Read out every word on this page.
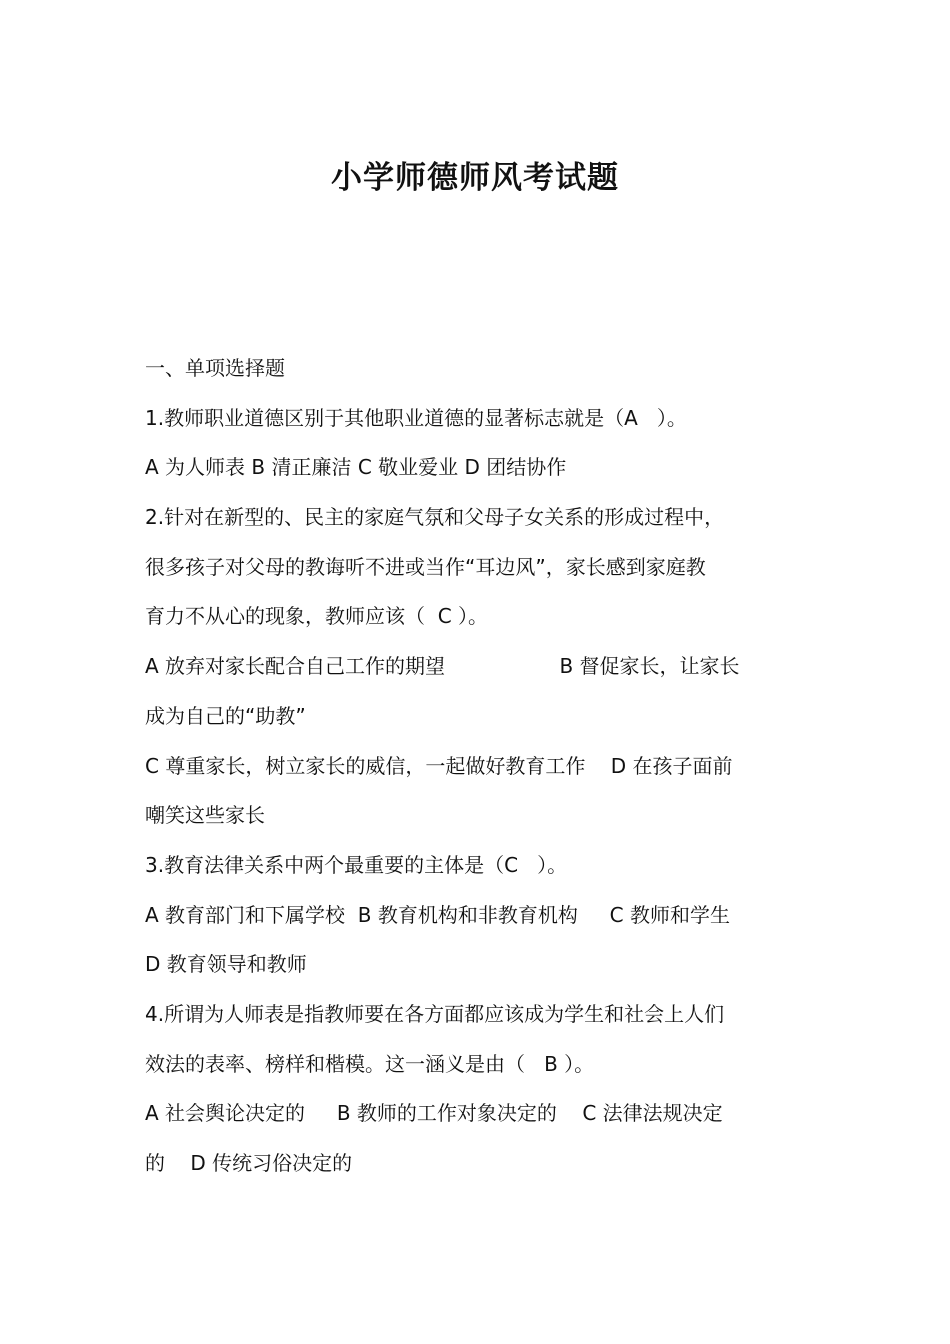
小学师德师风考试题
一、单项选择题
1.教师职业道德区别于其他职业道德的显著标志就是（A   ）。
A 为人师表 B 清正廉洁 C 敬业爱业 D 团结协作
2.针对在新型的、民主的家庭气氛和父母子女关系的形成过程中，
很多孩子对父母的教诲听不进或当作“耳边风”，家长感到家庭教
育力不从心的现象，教师应该（  C ）。
A 放弃对家长配合自己工作的期望                  B 督促家长，让家长
成为自己的“助教”
C 尊重家长，树立家长的威信，一起做好教育工作    D 在孩子面前
嘲笑这些家长
3.教育法律关系中两个最重要的主体是（C   ）。
A 教育部门和下属学校  B 教育机构和非教育机构     C 教师和学生
D 教育领导和教师
4.所谓为人师表是指教师要在各方面都应该成为学生和社会上人们
效法的表率、榜样和楷模。这一涵义是由（   B ）。
A 社会舆论决定的     B 教师的工作对象决定的    C 法律法规决定
的    D 传统习俗决定的
